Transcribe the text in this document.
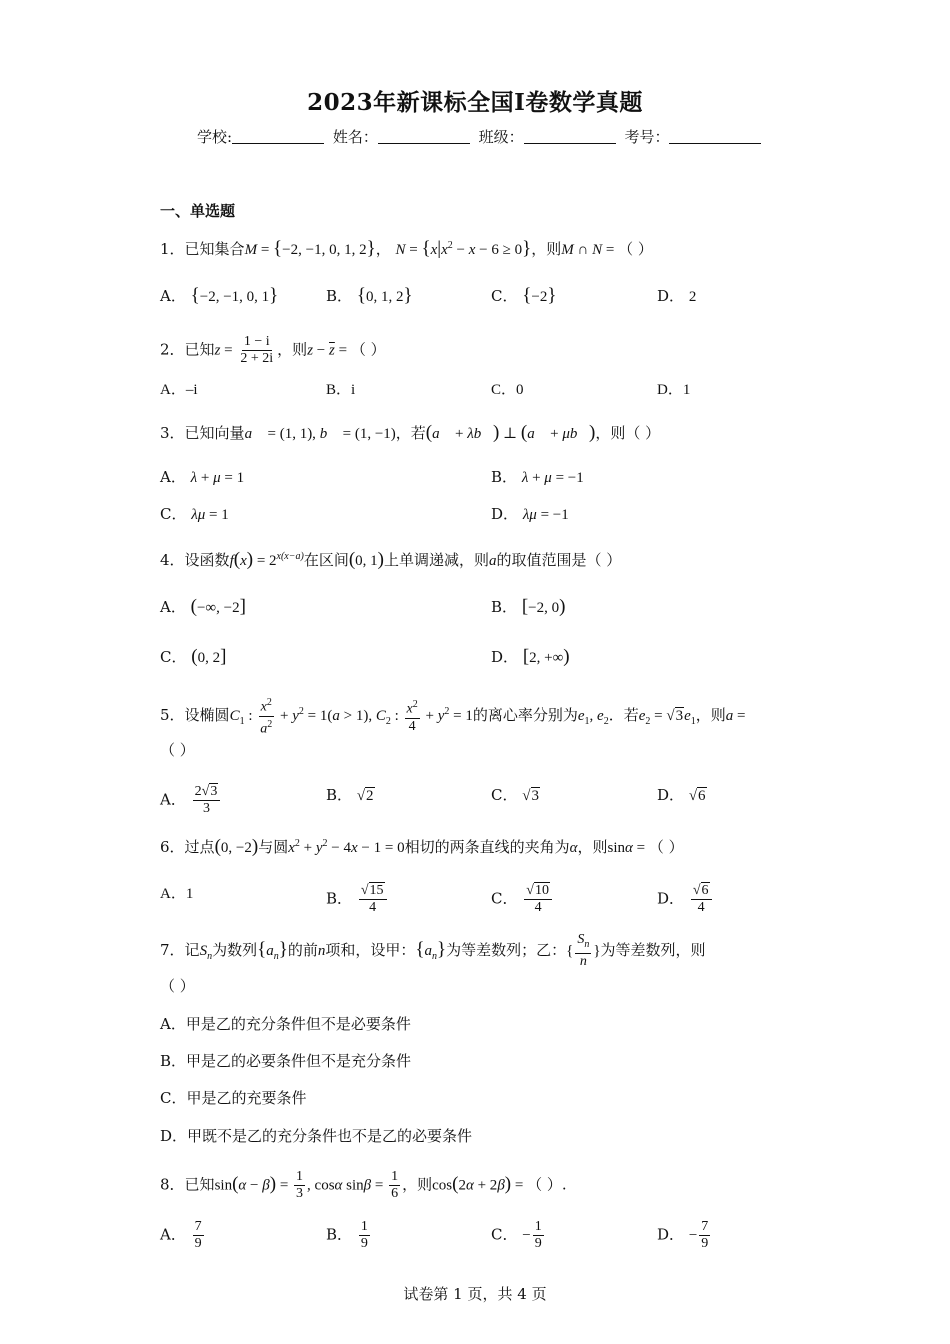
2023年新课标全国Ⅰ卷数学真题
学校:	姓名：	班级：	考号：
一、单选题
1．已知集合M = {−2, −1, 0, 1, 2}， $N = \{x|x^2 - x - 6 \ge 0\}$，则M ∩ N = （ ）
A． {−2, −1, 0, 1}	B． {0, 1, 2}	C． {−2}	D． 2
2．已知$z = \frac{1 - i}{2 + 2i}$ ，则$z - \overline{z}$ = （ ）
A．–i	B．i	C．0	D．1
3．已知向量a⃗ = (1, 1), b⃗ = (1, −1)，若(a⃗ + λb⃗) ⊥ (a⃗ + μb⃗)，则（ ）
A． λ + μ = 1	B． λ + μ = −1
C． λμ = 1	D． λμ = −1
4．设函数$f(x) = 2^{x(x-a)}$在区间(0, 1)上单调递减，则a的取值范围是（ ）
A． (−∞, −2]	B． [−2, 0)
C． (0, 2]	D． [2, +∞)
5．设椭圆$C_1$ : $\frac{x^2}{a^2} + y^2 = 1(a > 1)$, $C_2$ : $\frac{x^2}{4} + y^2 = 1$的离心率分别为$e_1$, $e_2$．若$e_2 = √3e_1$，则a =
（ ）
A． $\frac{2√3}{3}$	B． √2	C． √3	D． √6
6．过点(0, −2)与圆$x^2 + y^2 - 4x - 1 = 0$相切的两条直线的夹角为α，则sinα = （ ）
A．1	B． $\frac{√15}{4}$	C． $\frac{√10}{4}$	D． $\frac{√6}{4}$
7．记$S_n$为数列$\{a_n\}$的前n项和，设甲：$\{a_n\}$为等差数列；乙：{ $\frac{S_n}{n}$ }为等差数列，则
（ ）
A．甲是乙的充分条件但不是必要条件
B．甲是乙的必要条件但不是充分条件
C．甲是乙的充要条件
D．甲既不是乙的充分条件也不是乙的必要条件
8．已知$\sin(\alpha - \beta) = \frac{1}{3}$ , cosα $\sin\beta = \frac{1}{6}$ ，则cos(2α + 2β) = （ ）.
A． $\frac{7}{9}$	B． $\frac{1}{9}$	C． − $\frac{1}{9}$	D． − $\frac{7}{9}$
试卷第 1 页，共 4 页
